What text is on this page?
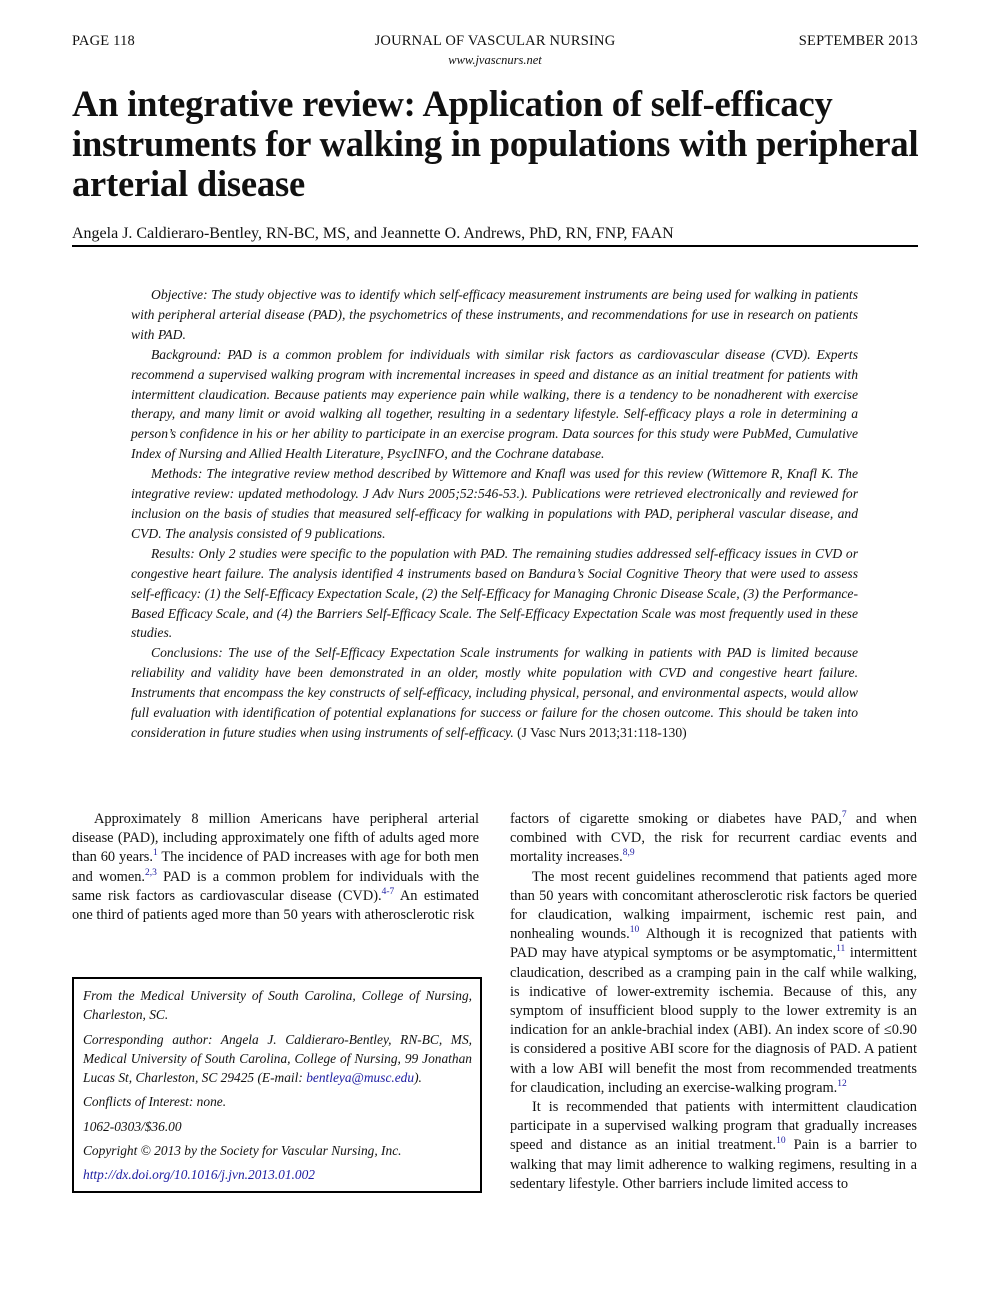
PAGE 118	JOURNAL OF VASCULAR NURSING	SEPTEMBER 2013
www.jvascnurs.net
An integrative review: Application of self-efficacy instruments for walking in populations with peripheral arterial disease
Angela J. Caldieraro-Bentley, RN-BC, MS, and Jeannette O. Andrews, PhD, RN, FNP, FAAN

Objective: The study objective was to identify which self-efficacy measurement instruments are being used for walking in patients with peripheral arterial disease (PAD), the psychometrics of these instruments, and recommendations for use in research on patients with PAD.

Background: PAD is a common problem for individuals with similar risk factors as cardiovascular disease (CVD). Experts recommend a supervised walking program with incremental increases in speed and distance as an initial treatment for patients with intermittent claudication. Because patients may experience pain while walking, there is a tendency to be nonadherent with exercise therapy, and many limit or avoid walking all together, resulting in a sedentary lifestyle. Self-efficacy plays a role in determining a person’s confidence in his or her ability to participate in an exercise program. Data sources for this study were PubMed, Cumulative Index of Nursing and Allied Health Literature, PsycINFO, and the Cochrane database.

Methods: The integrative review method described by Wittemore and Knafl was used for this review (Wittemore R, Knafl K. The integrative review: updated methodology. J Adv Nurs 2005;52:546-53.). Publications were retrieved electronically and reviewed for inclusion on the basis of studies that measured self-efficacy for walking in populations with PAD, peripheral vascular disease, and CVD. The analysis consisted of 9 publications.

Results: Only 2 studies were specific to the population with PAD. The remaining studies addressed self-efficacy issues in CVD or congestive heart failure. The analysis identified 4 instruments based on Bandura’s Social Cognitive Theory that were used to assess self-efficacy: (1) the Self-Efficacy Expectation Scale, (2) the Self-Efficacy for Managing Chronic Disease Scale, (3) the Performance-Based Efficacy Scale, and (4) the Barriers Self-Efficacy Scale. The Self-Efficacy Expectation Scale was most frequently used in these studies.

Conclusions: The use of the Self-Efficacy Expectation Scale instruments for walking in patients with PAD is limited because reliability and validity have been demonstrated in an older, mostly white population with CVD and congestive heart failure. Instruments that encompass the key constructs of self-efficacy, including physical, personal, and environmental aspects, would allow full evaluation with identification of potential explanations for success or failure for the chosen outcome. This should be taken into consideration in future studies when using instruments of self-efficacy. (J Vasc Nurs 2013;31:118-130)

Approximately 8 million Americans have peripheral arterial disease (PAD), including approximately one fifth of adults aged more than 60 years.$^1$ The incidence of PAD increases with age for both men and women.$^{2,3}$ PAD is a common problem for individuals with the same risk factors as cardiovascular disease (CVD).$^{4-7}$ An estimated one third of patients aged more than 50 years with atherosclerotic risk

From the Medical University of South Carolina, College of Nursing, Charleston, SC.

Corresponding author: Angela J. Caldieraro-Bentley, RN-BC, MS, Medical University of South Carolina, College of Nursing, 99 Jonathan Lucas St, Charleston, SC 29425 (E-mail: bentleya@musc.edu).

Conflicts of Interest: none.

1062-0303/$36.00

Copyright © 2013 by the Society for Vascular Nursing, Inc.

http://dx.doi.org/10.1016/j.jvn.2013.01.002

factors of cigarette smoking or diabetes have PAD,$^7$ and when combined with CVD, the risk for recurrent cardiac events and mortality increases.$^{8,9}$

The most recent guidelines recommend that patients aged more than 50 years with concomitant atherosclerotic risk factors be queried for claudication, walking impairment, ischemic rest pain, and nonhealing wounds.$^{10}$ Although it is recognized that patients with PAD may have atypical symptoms or be asymptomatic,$^{11}$ intermittent claudication, described as a cramping pain in the calf while walking, is indicative of lower-extremity ischemia. Because of this, any symptom of insufficient blood supply to the lower extremity is an indication for an ankle-brachial index (ABI). An index score of ≤0.90 is considered a positive ABI score for the diagnosis of PAD. A patient with a low ABI will benefit the most from recommended treatments for claudication, including an exercise-walking program.$^{12}$

It is recommended that patients with intermittent claudication participate in a supervised walking program that gradually increases speed and distance as an initial treatment.$^{10}$ Pain is a barrier to walking that may limit adherence to walking regimens, resulting in a sedentary lifestyle. Other barriers include limited access to
